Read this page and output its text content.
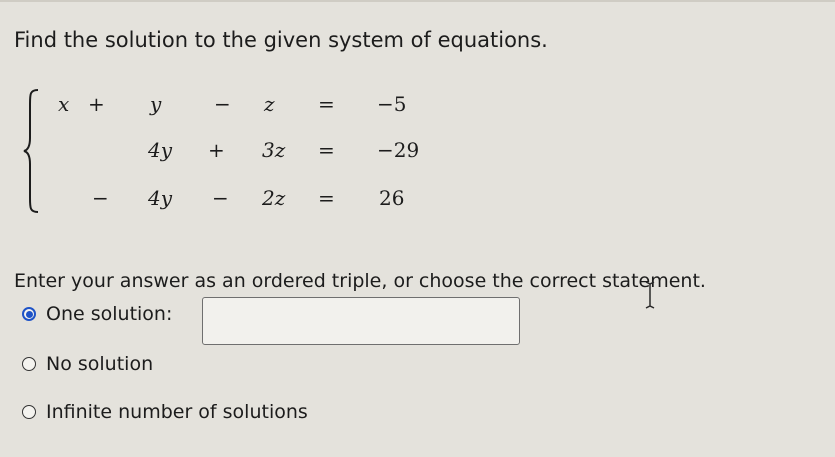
Find the solution to the given system of equations.
x + y	− z = −5
4y + 3z = −29
− 4y − 2z = 26
Enter your answer as an ordered triple, or choose the correct statement.
One solution:
No solution
Infinite number of solutions
